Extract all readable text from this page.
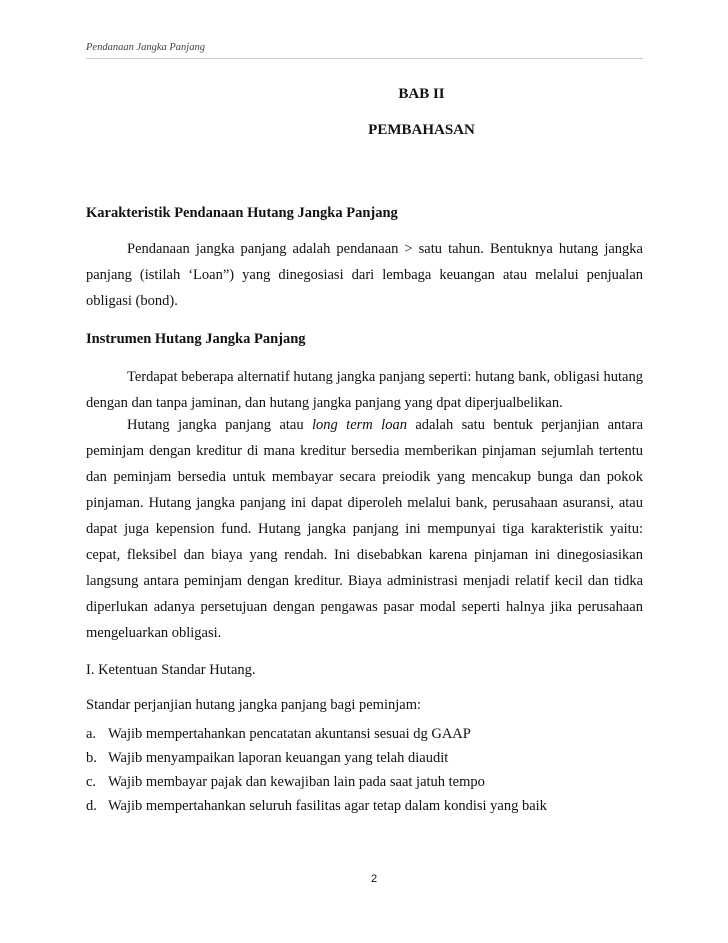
Pendanaan Jangka Panjang
BAB II
PEMBAHASAN
Karakteristik Pendanaan Hutang Jangka Panjang
Pendanaan jangka panjang adalah pendanaan > satu tahun. Bentuknya hutang jangka panjang (istilah ‘Loan”) yang dinegosiasi dari lembaga keuangan atau melalui penjualan obligasi (bond).
Instrumen Hutang Jangka Panjang
Terdapat beberapa alternatif hutang jangka panjang seperti: hutang bank, obligasi hutang dengan dan tanpa jaminan, dan hutang jangka panjang yang dpat diperjualbelikan.
Hutang jangka panjang atau long term loan adalah satu bentuk perjanjian antara peminjam dengan kreditur di mana kreditur bersedia memberikan pinjaman sejumlah tertentu dan peminjam bersedia untuk membayar secara preiodik yang mencakup bunga dan pokok pinjaman. Hutang jangka panjang ini dapat diperoleh melalui bank, perusahaan asuransi, atau dapat juga kepension fund. Hutang jangka panjang ini mempunyai tiga karakteristik yaitu: cepat, fleksibel dan biaya yang rendah. Ini disebabkan karena pinjaman ini dinegosiasikan langsung antara peminjam dengan kreditur. Biaya administrasi menjadi relatif kecil dan tidka diperlukan adanya persetujuan dengan pengawas pasar modal seperti halnya jika perusahaan mengeluarkan obligasi.
I. Ketentuan Standar Hutang.
Standar perjanjian hutang jangka panjang bagi peminjam:
a. Wajib mempertahankan pencatatan akuntansi sesuai dg GAAP
b. Wajib menyampaikan laporan keuangan yang telah diaudit
c. Wajib membayar pajak dan kewajiban lain pada saat jatuh tempo
d. Wajib mempertahankan seluruh fasilitas agar tetap dalam kondisi yang baik
2
